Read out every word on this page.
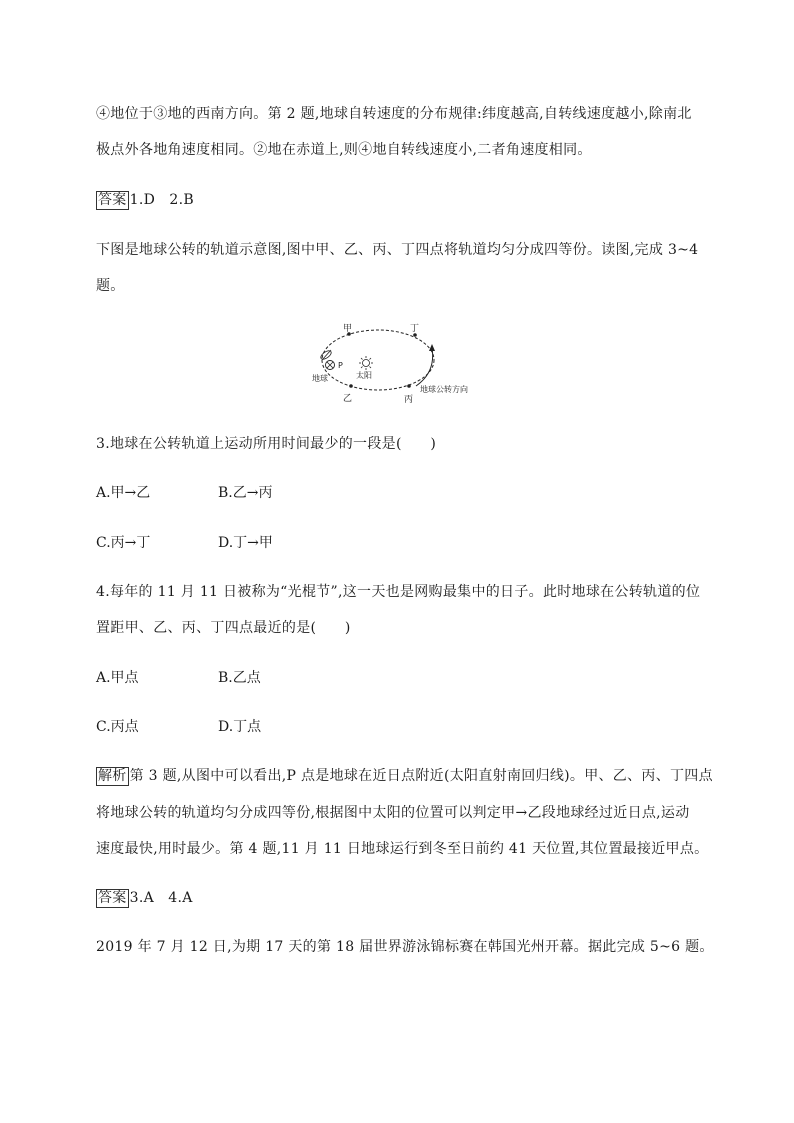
④地位于③地的西南方向。第 2 题,地球自转速度的分布规律:纬度越高,自转线速度越小,除南北
极点外各地角速度相同。②地在赤道上,则④地自转线速度小,二者角速度相同。
答案 1.D　2.B
下图是地球公转的轨道示意图,图中甲、乙、丙、丁四点将轨道均匀分成四等份。读图,完成 3~4
题。
甲	丁
乙	丙
P
地球	太阳
地球公转方向
3.地球在公转轨道上运动所用时间最少的一段是(　　)
A.甲→乙	B.乙→丙
C.丙→丁	D.丁→甲
4.每年的 11 月 11 日被称为“光棍节”,这一天也是网购最集中的日子。此时地球在公转轨道的位
置距甲、乙、丙、丁四点最近的是(　　)
A.甲点	B.乙点
C.丙点	D.丁点
解析 第 3 题,从图中可以看出,P 点是地球在近日点附近(太阳直射南回归线)。甲、乙、丙、丁四点
将地球公转的轨道均匀分成四等份,根据图中太阳的位置可以判定甲→乙段地球经过近日点,运动
速度最快,用时最少。第 4 题,11 月 11 日地球运行到冬至日前约 41 天位置,其位置最接近甲点。
答案 3.A　4.A
2019 年 7 月 12 日,为期 17 天的第 18 届世界游泳锦标赛在韩国光州开幕。据此完成 5~6 题。
